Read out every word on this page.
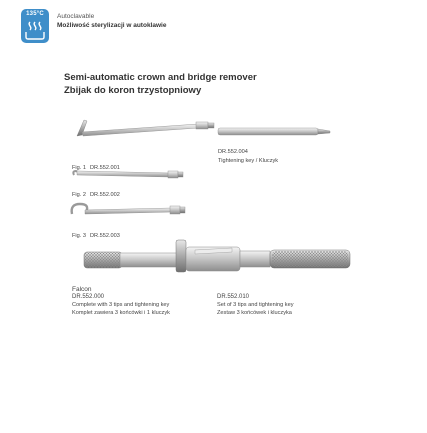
135°C	Autoclavable
Możliwość sterylizacji w autoklawie
Semi-automatic crown and bridge remover
Zbijak do koron trzystopniowy
Fig. 1 DR.552.001
Fig. 2 DR.552.002
Fig. 3 DR.552.003
DR.552.004
Tightening key / Kluczyk
Falcon
DR.552.000
Complete with 3 tips and tightening key
Komplet zawiera 3 końcówki i 1 kluczyk
DR.552.010
Set of 3 tips and tightening key
Zestaw 3 końcówek i kluczyka
